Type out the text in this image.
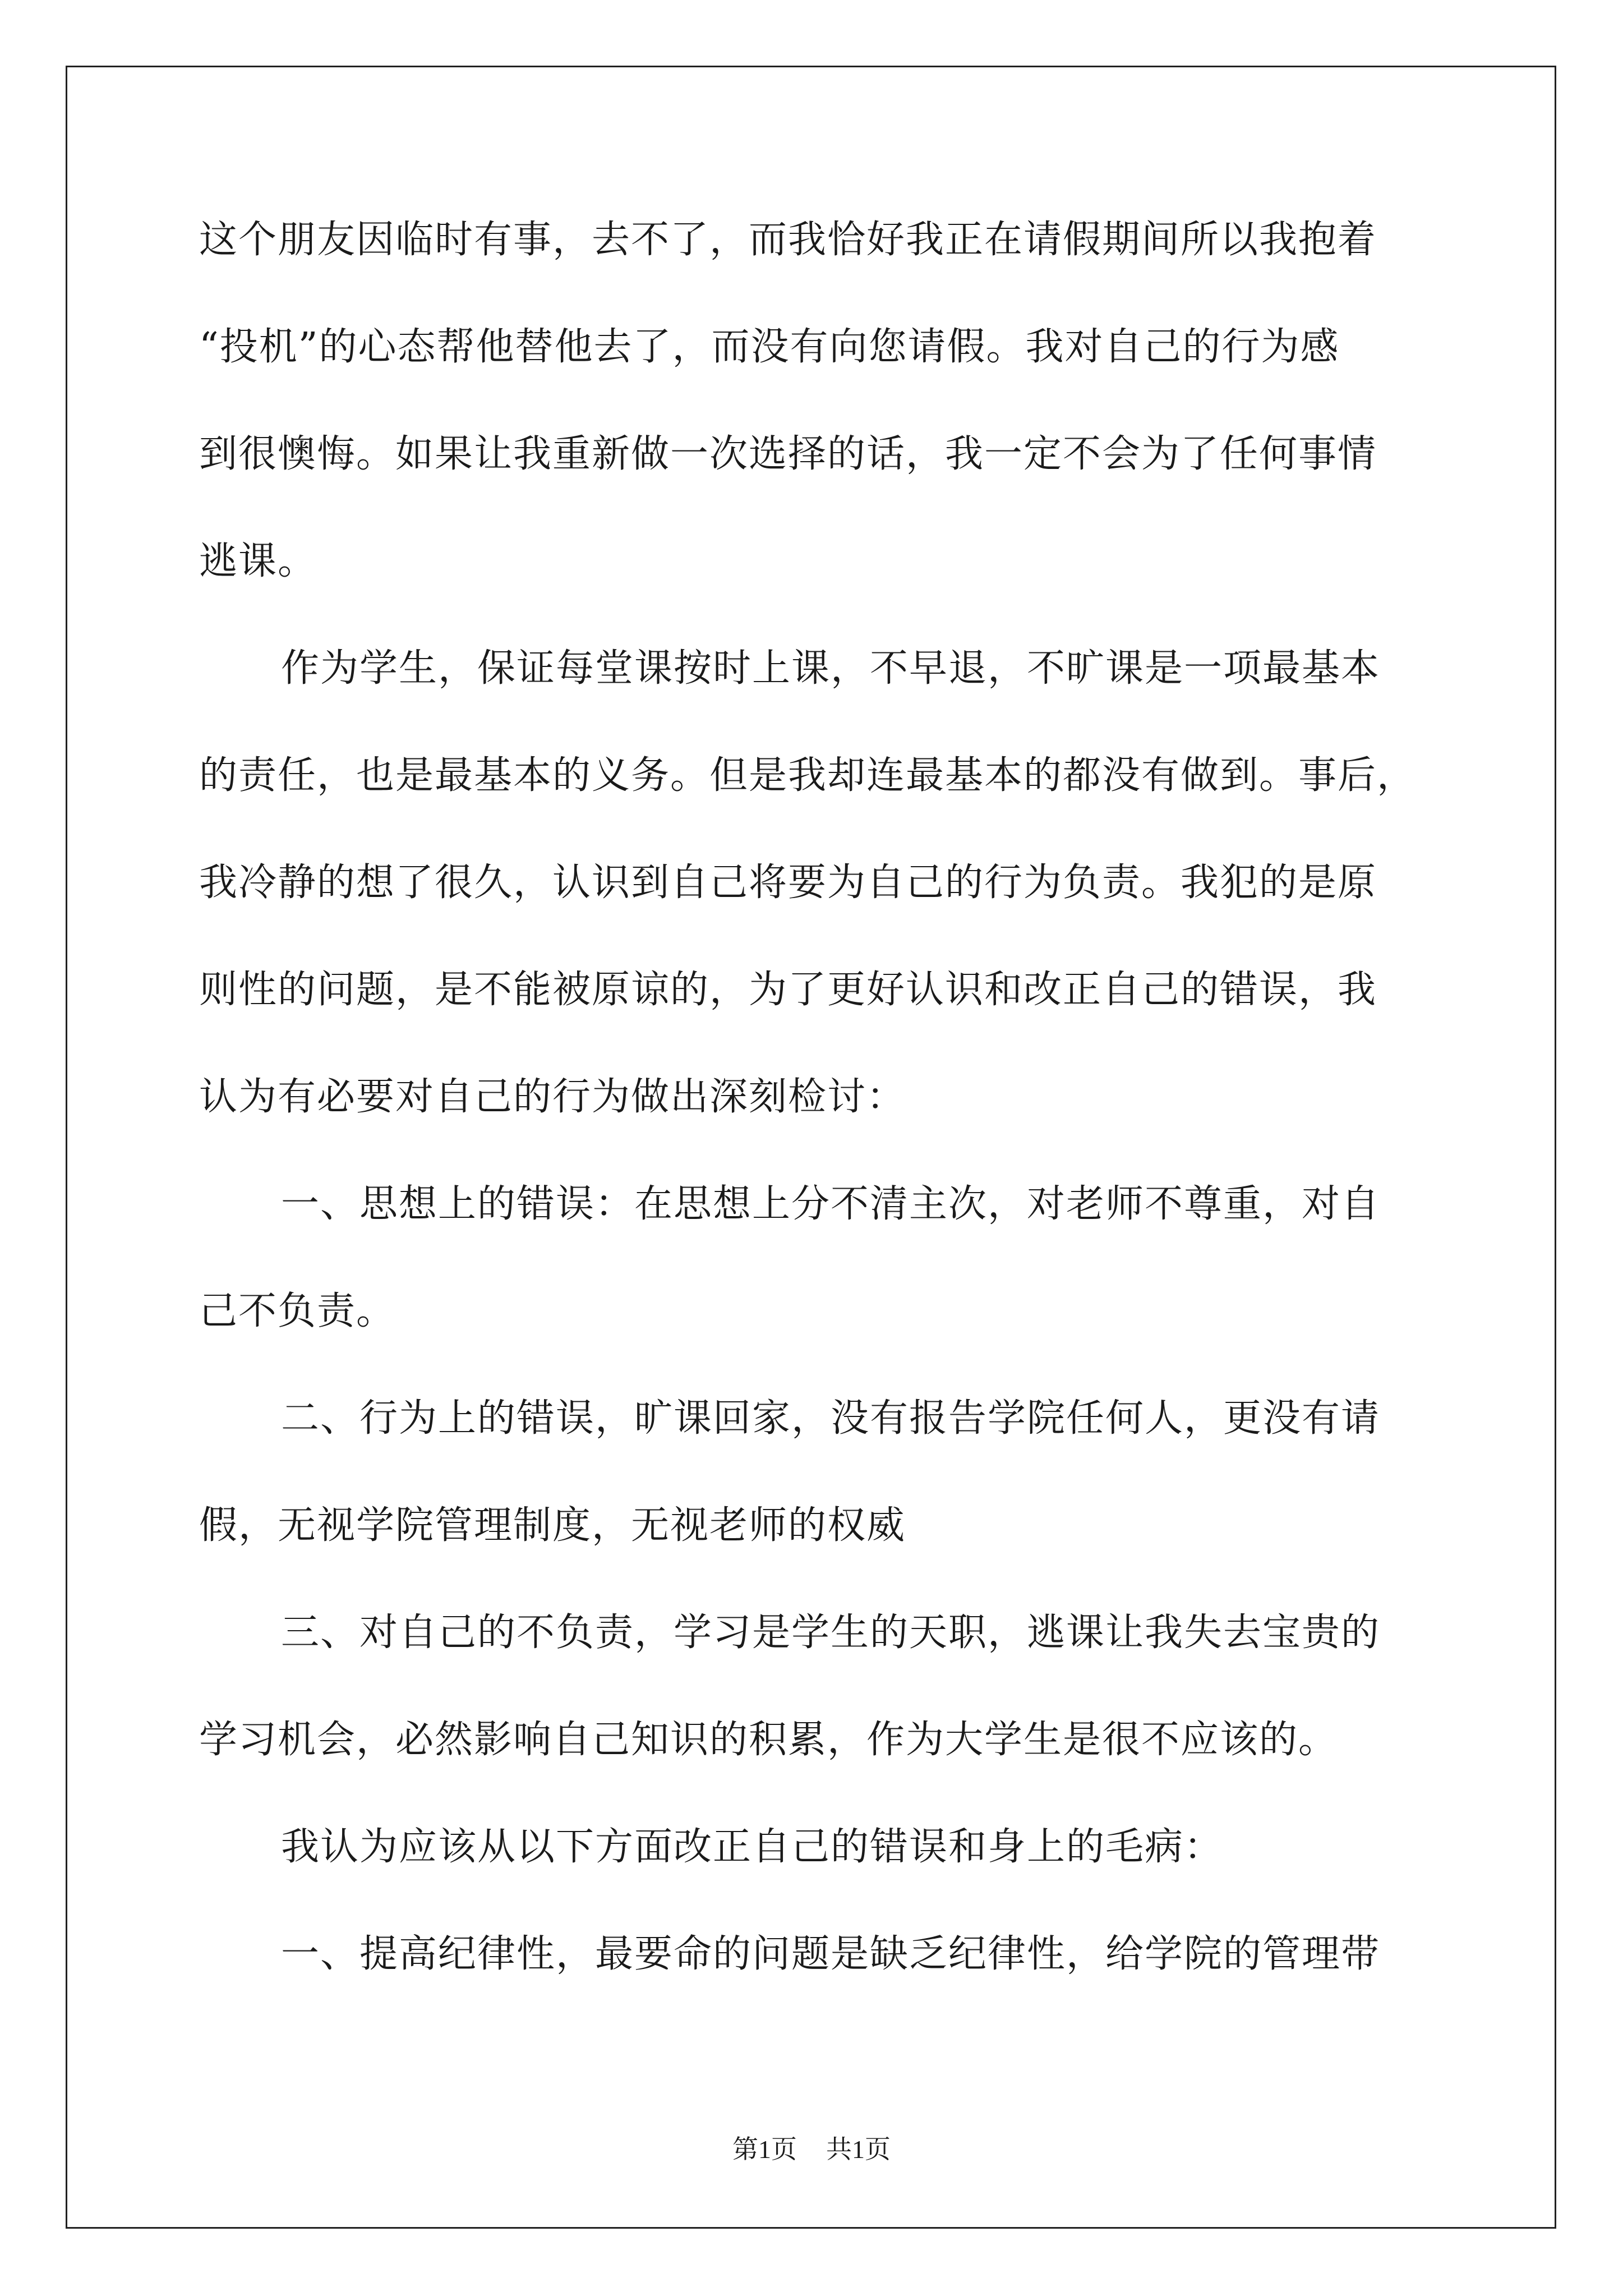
这个朋友因临时有事，去不了，而我恰好我正在请假期间所以我抱着
“投机”的心态帮他替他去了，而没有向您请假。我对自己的行为感
到很懊悔。如果让我重新做一次选择的话，我一定不会为了任何事情
逃课。
作为学生，保证每堂课按时上课，不早退，不旷课是一项最基本
的责任，也是最基本的义务。但是我却连最基本的都没有做到。事后，
我冷静的想了很久，认识到自己将要为自己的行为负责。我犯的是原
则性的问题，是不能被原谅的，为了更好认识和改正自己的错误，我
认为有必要对自己的行为做出深刻检讨：
一、思想上的错误：在思想上分不清主次，对老师不尊重，对自
己不负责。
二、行为上的错误，旷课回家，没有报告学院任何人，更没有请
假，无视学院管理制度，无视老师的权威
三、对自己的不负责，学习是学生的天职，逃课让我失去宝贵的
学习机会，必然影响自己知识的积累，作为大学生是很不应该的。
我认为应该从以下方面改正自己的错误和身上的毛病：
一、提高纪律性，最要命的问题是缺乏纪律性，给学院的管理带
第1页 共1页
